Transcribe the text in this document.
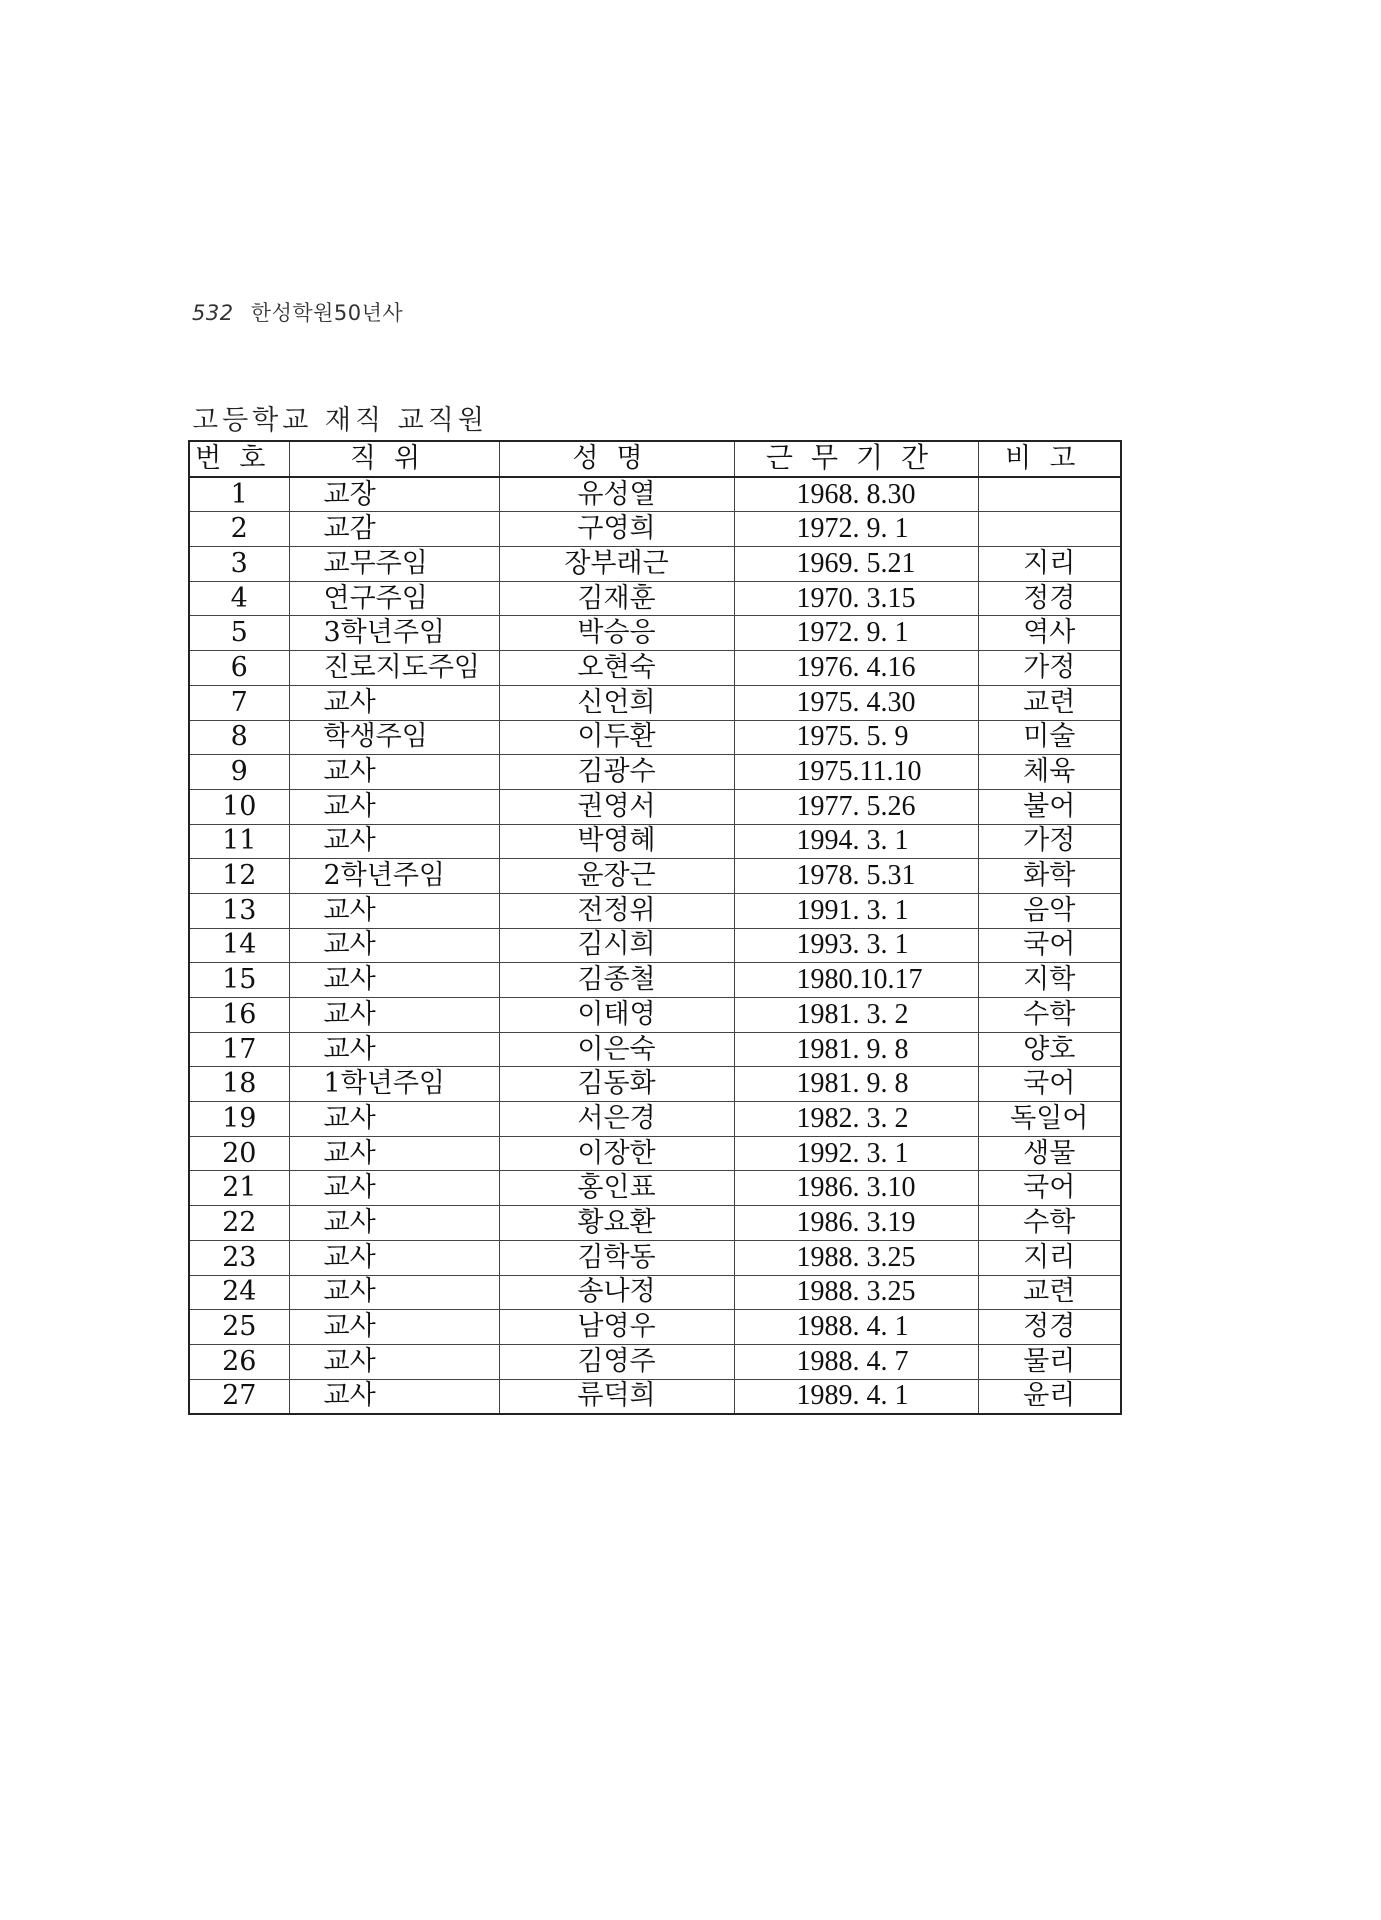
532 한성학원50년사
고등학교 재직 교직원
번호	직위	성명	근무기간	비고
1	교장	유성열	1968. 8.30	
2	교감	구영희	1972. 9. 1	
3	교무주임	장부래근	1969. 5.21	지리
4	연구주임	김재훈	1970. 3.15	정경
5	3학년주임	박승응	1972. 9. 1	역사
6	진로지도주임	오현숙	1976. 4.16	가정
7	교사	신언희	1975. 4.30	교련
8	학생주임	이두환	1975. 5. 9	미술
9	교사	김광수	1975.11.10	체육
10	교사	권영서	1977. 5.26	불어
11	교사	박영혜	1994. 3. 1	가정
12	2학년주임	윤장근	1978. 5.31	화학
13	교사	전정위	1991. 3. 1	음악
14	교사	김시희	1993. 3. 1	국어
15	교사	김종철	1980.10.17	지학
16	교사	이태영	1981. 3. 2	수학
17	교사	이은숙	1981. 9. 8	양호
18	1학년주임	김동화	1981. 9. 8	국어
19	교사	서은경	1982. 3. 2	독일어
20	교사	이장한	1992. 3. 1	생물
21	교사	홍인표	1986. 3.10	국어
22	교사	황요환	1986. 3.19	수학
23	교사	김학동	1988. 3.25	지리
24	교사	송나정	1988. 3.25	교련
25	교사	남영우	1988. 4. 1	정경
26	교사	김영주	1988. 4. 7	물리
27	교사	류덕희	1989. 4. 1	윤리
